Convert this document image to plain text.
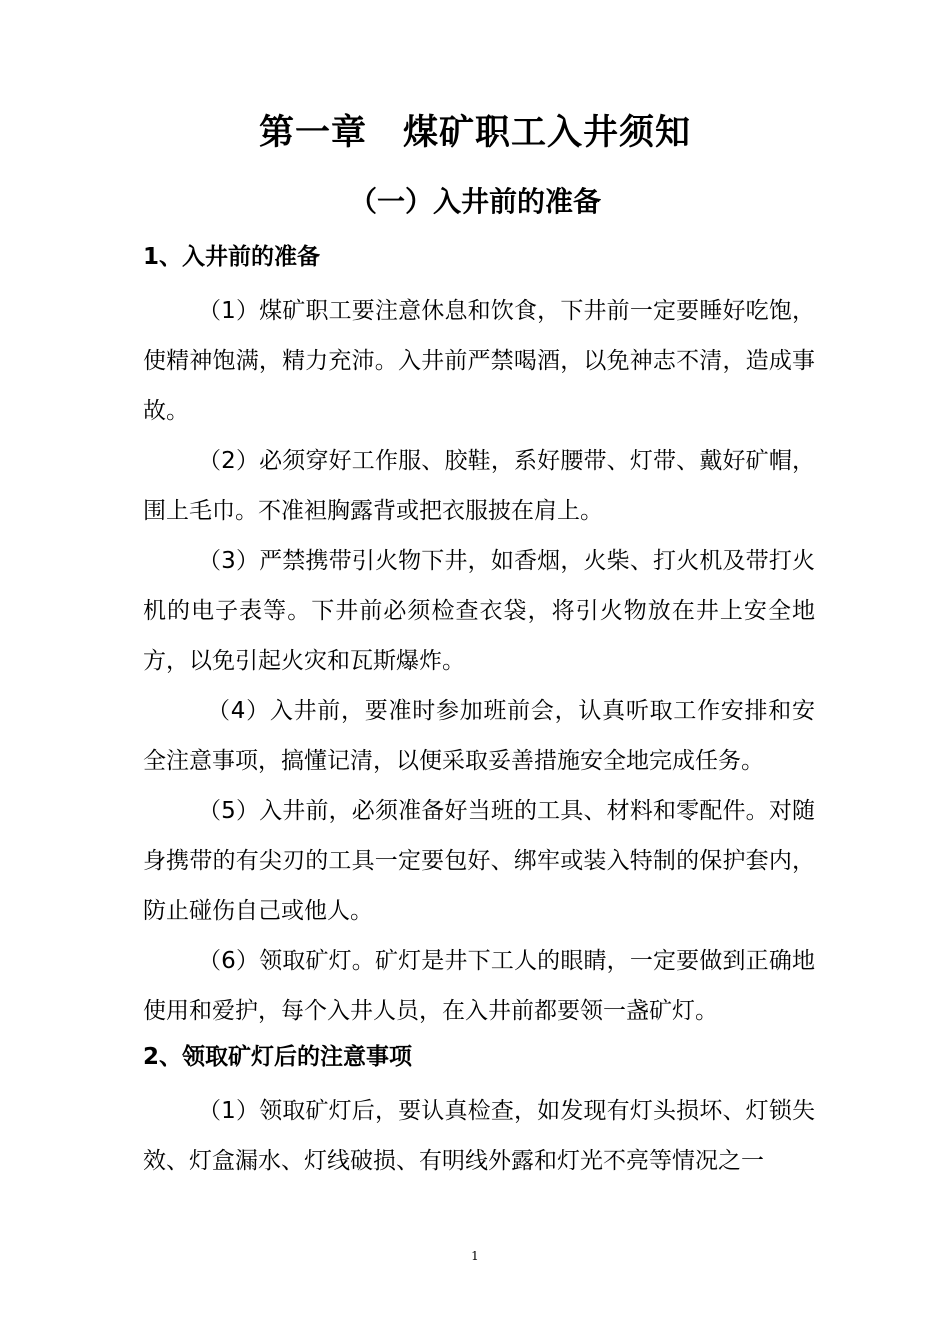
第一章　煤矿职工入井须知
（一）入井前的准备
1、入井前的准备

（1）煤矿职工要注意休息和饮食，下井前一定要睡好吃饱，使精神饱满，精力充沛。入井前严禁喝酒，以免神志不清，造成事故。

（2）必须穿好工作服、胶鞋，系好腰带、灯带、戴好矿帽，围上毛巾。不准袒胸露背或把衣服披在肩上。

（3）严禁携带引火物下井，如香烟，火柴、打火机及带打火机的电子表等。下井前必须检查衣袋，将引火物放在井上安全地方，以免引起火灾和瓦斯爆炸。

（4）入井前，要准时参加班前会，认真听取工作安排和安全注意事项，搞懂记清，以便采取妥善措施安全地完成任务。

（5）入井前，必须准备好当班的工具、材料和零配件。对随身携带的有尖刃的工具一定要包好、绑牢或装入特制的保护套内，防止碰伤自己或他人。

（6）领取矿灯。矿灯是井下工人的眼睛，一定要做到正确地使用和爱护，每个入井人员，在入井前都要领一盏矿灯。

2、领取矿灯后的注意事项

（1）领取矿灯后，要认真检查，如发现有灯头损坏、灯锁失效、灯盒漏水、灯线破损、有明线外露和灯光不亮等情况之一

1
